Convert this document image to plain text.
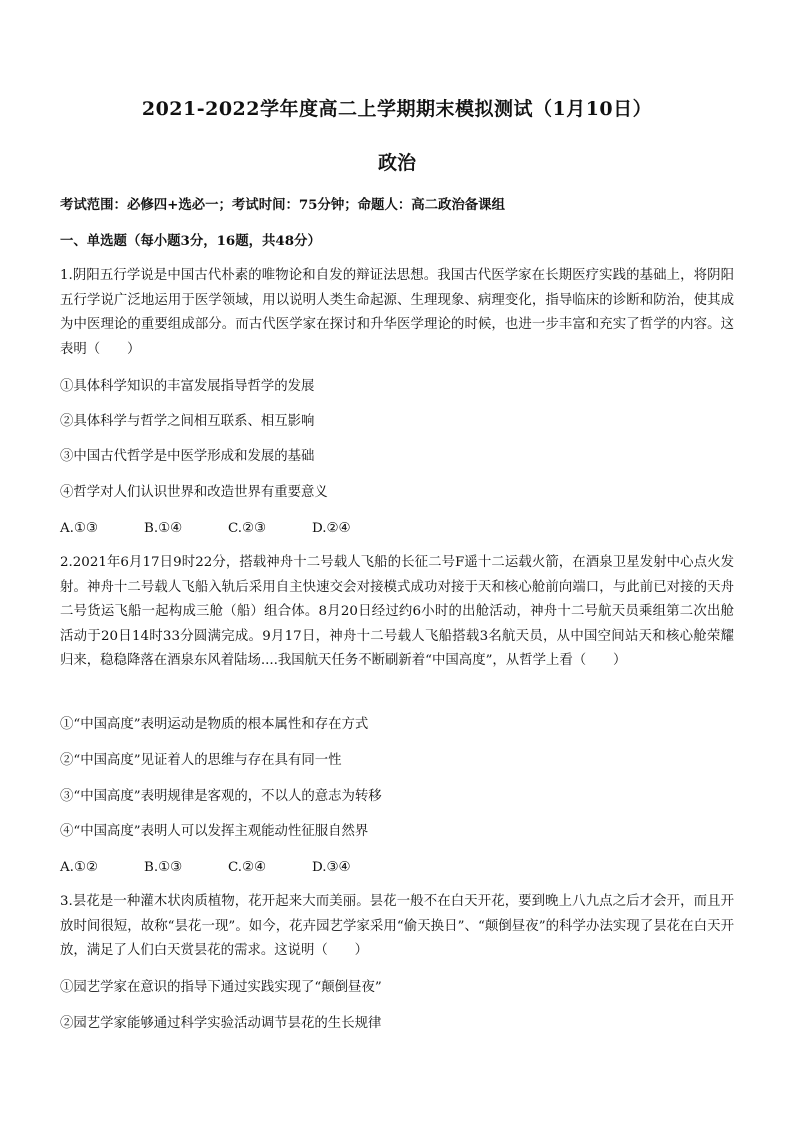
2021-2022学年度高二上学期期末模拟测试（1月10日）
政治
考试范围：必修四+选必一；考试时间：75分钟；命题人：高二政治备课组
一、单选题（每小题3分，16题，共48分）
1.阴阳五行学说是中国古代朴素的唯物论和自发的辩证法思想。我国古代医学家在长期医疗实践的基础上，将阴阳五行学说广泛地运用于医学领域，用以说明人类生命起源、生理现象、病理变化，指导临床的诊断和防治，使其成为中医理论的重要组成部分。而古代医学家在探讨和升华医学理论的时候，也进一步丰富和充实了哲学的内容。这表明（　　）
①具体科学知识的丰富发展指导哲学的发展
②具体科学与哲学之间相互联系、相互影响
③中国古代哲学是中医学形成和发展的基础
④哲学对人们认识世界和改造世界有重要意义
A.①③	B.①④	C.②③	D.②④
2.2021年6月17日9时22分，搭载神舟十二号载人飞船的长征二号F遥十二运载火箭，在酒泉卫星发射中心点火发射。神舟十二号载人飞船入轨后采用自主快速交会对接模式成功对接于天和核心舱前向端口，与此前已对接的天舟二号货运飞船一起构成三舱（船）组合体。8月20日经过约6小时的出舱活动，神舟十二号航天员乘组第二次出舱活动于20日14时33分圆满完成。9月17日，神舟十二号载人飞船搭载3名航天员，从中国空间站天和核心舱荣耀归来，稳稳降落在酒泉东风着陆场....我国航天任务不断刷新着“中国高度”，从哲学上看（　　）
①“中国高度”表明运动是物质的根本属性和存在方式
②“中国高度”见证着人的思维与存在具有同一性
③“中国高度”表明规律是客观的，不以人的意志为转移
④“中国高度”表明人可以发挥主观能动性征服自然界
A.①②	B.①③	C.②④	D.③④
3.昙花是一种灌木状肉质植物，花开起来大而美丽。昙花一般不在白天开花，要到晚上八九点之后才会开，而且开放时间很短，故称“昙花一现”。如今，花卉园艺学家采用“偷天换日”、“颠倒昼夜”的科学办法实现了昙花在白天开放，满足了人们白天赏昙花的需求。这说明（　　）
①园艺学家在意识的指导下通过实践实现了“颠倒昼夜”
②园艺学家能够通过科学实验活动调节昙花的生长规律
